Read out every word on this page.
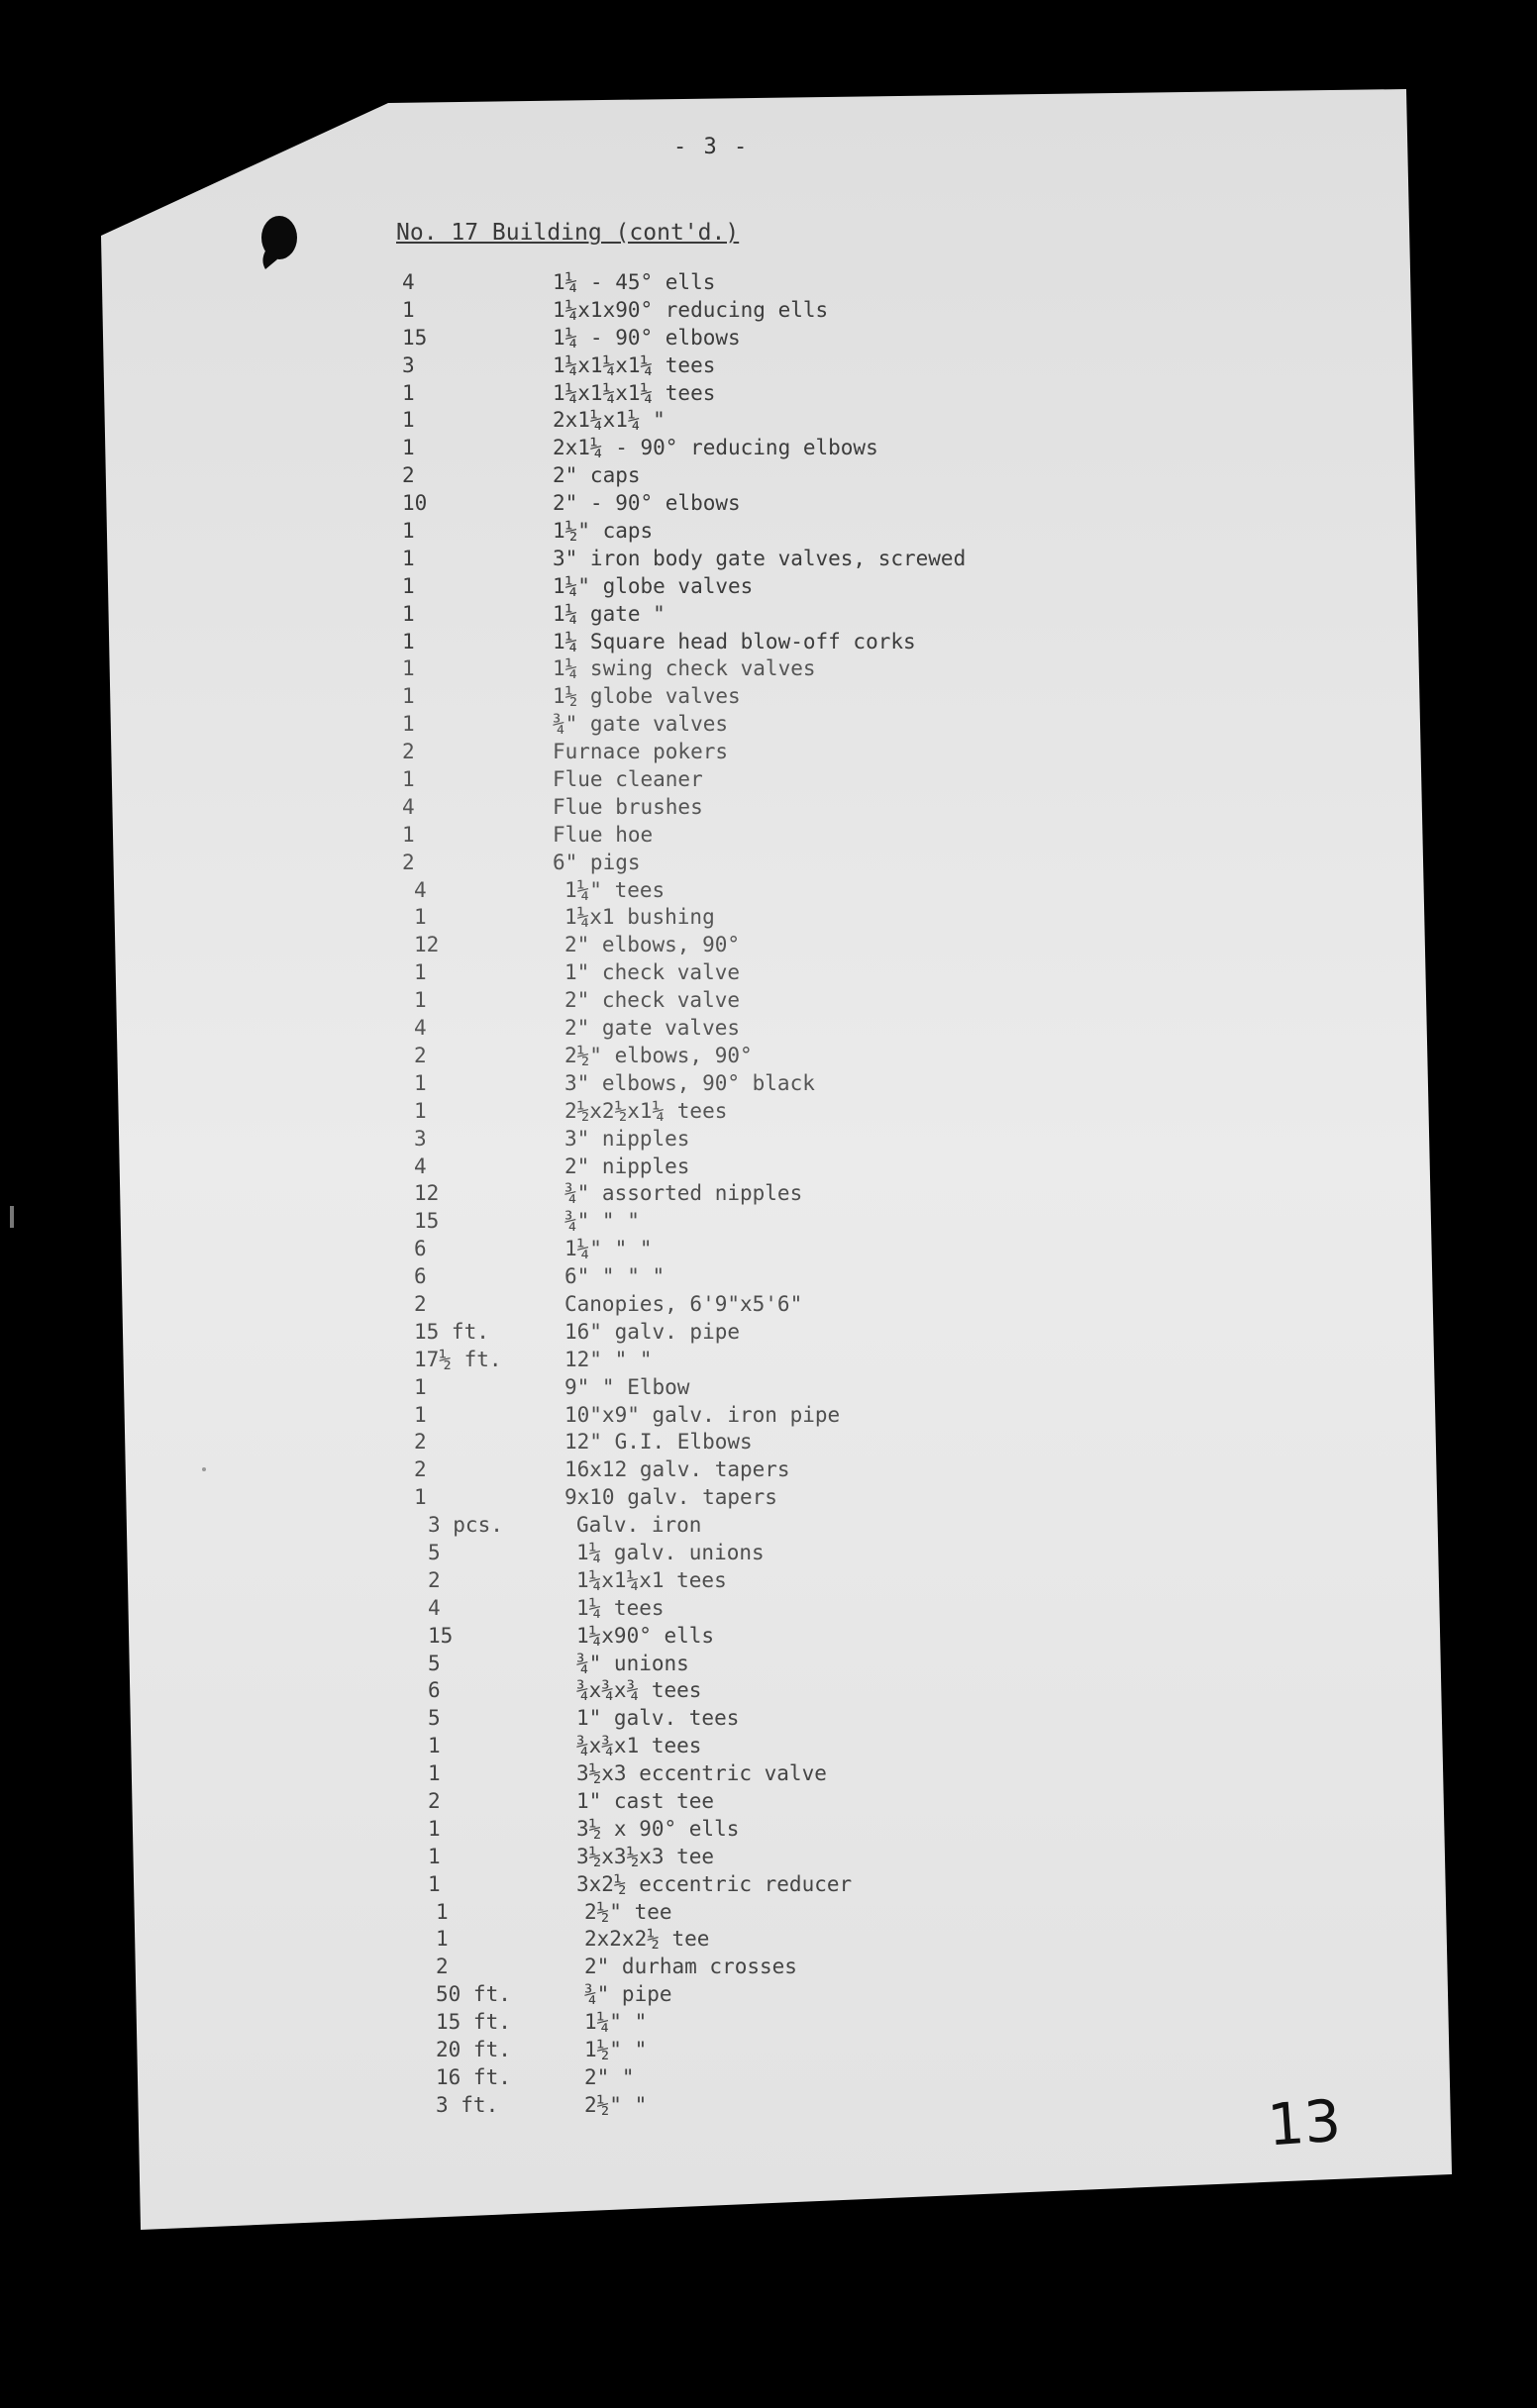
- 3 -
No. 17 Building (cont'd.)
4	1¼ - 45° ells
1	1¼x1x90° reducing ells
15	1¼ - 90° elbows
3	1¼x1¼x1¼ tees
1	1¼x1¼x1¼ tees
1	2x1¼x1¼ "
1	2x1¼ - 90° reducing elbows
2	2" caps
10	2" - 90° elbows
1	1½" caps
1	3" iron body gate valves, screwed
1	1¼" globe valves
1	1¼ gate "
1	1¼ Square head blow-off corks
1	1¼ swing check valves
1	1½ globe valves
1	¾" gate valves
2	Furnace pokers
1	Flue cleaner
4	Flue brushes
1	Flue hoe
2	6" pigs
4	1¼" tees
1	1¼x1 bushing
12	2" elbows, 90°
1	1" check valve
1	2" check valve
4	2" gate valves
2	2½" elbows, 90°
1	3" elbows, 90° black
1	2½x2½x1¼ tees
3	3" nipples
4	2" nipples
12	¾" assorted nipples
15	¾" " "
6	1¼" " "
6	6" " " "
2	Canopies, 6'9"x5'6"
15 ft.	16" galv. pipe
17½ ft.	12" " "
1	9" " Elbow
1	10"x9" galv. iron pipe
2	12" G.I. Elbows
2	16x12 galv. tapers
1	9x10 galv. tapers
3 pcs.	Galv. iron
5	1¼ galv. unions
2	1¼x1¼x1 tees
4	1¼ tees
15	1¼x90° ells
5	¾" unions
6	¾x¾x¾ tees
5	1" galv. tees
1	¾x¾x1 tees
1	3½x3 eccentric valve
2	1" cast tee
1	3½ x 90° ells
1	3½x3½x3 tee
1	3x2½ eccentric reducer
1	2½" tee
1	2x2x2½ tee
2	2" durham crosses
50 ft.	¾" pipe
15 ft.	1¼" "
20 ft.	1½" "
16 ft.	2" "
3 ft.	2½" "	13
